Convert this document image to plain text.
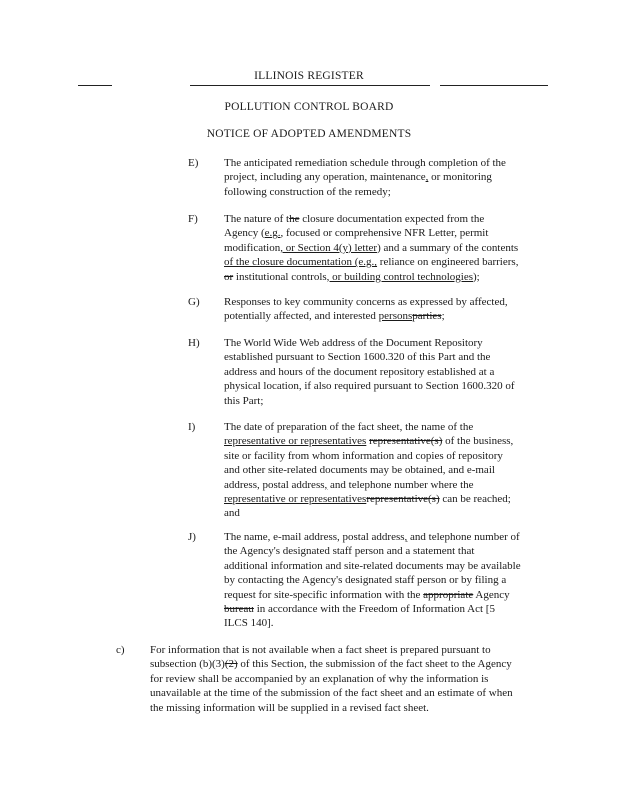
ILLINOIS REGISTER
POLLUTION CONTROL BOARD
NOTICE OF ADOPTED AMENDMENTS
E) The anticipated remediation schedule through completion of the
project, including any operation, maintenance, or monitoring
following construction of the remedy;
F) The nature of the closure documentation expected from the
Agency (e.g., focused or comprehensive NFR Letter, permit
modification, or Section 4(y) letter) and a summary of the contents
of the closure documentation (e.g., reliance on engineered barriers,
or institutional controls, or building control technologies);
G) Responses to key community concerns as expressed by affected,
potentially affected, and interested personsparties;
H) The World Wide Web address of the Document Repository
established pursuant to Section 1600.320 of this Part and the
address and hours of the document repository established at a
physical location, if also required pursuant to Section 1600.320 of
this Part;
I)	The date of preparation of the fact sheet, the name of the
representative or representatives representative(s) of the business,
site or facility from whom information and copies of repository
and other site-related documents may be obtained, and e-mail
address, postal address, and telephone number where the
representative or representativesrepresentative(s) can be reached;
and
J)	The name, e-mail address, postal address, and telephone number of
the Agency's designated staff person and a statement that
additional information and site-related documents may be available
by contacting the Agency's designated staff person or by filing a
request for site-specific information with the appropriate Agency
bureau in accordance with the Freedom of Information Act [5
ILCS 140].
c) For information that is not available when a fact sheet is prepared pursuant to
subsection (b)(3)(2) of this Section, the submission of the fact sheet to the Agency
for review shall be accompanied by an explanation of why the information is
unavailable at the time of the submission of the fact sheet and an estimate of when
the missing information will be supplied in a revised fact sheet.
